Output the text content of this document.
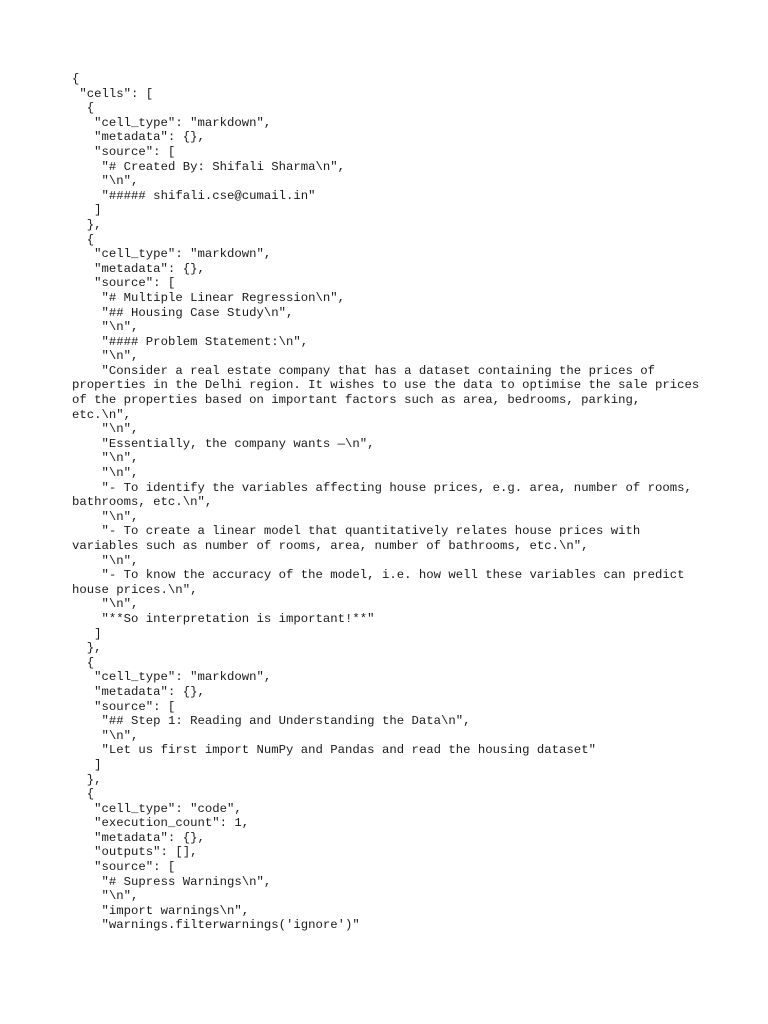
{
"cells": [
{
"cell_type": "markdown",
"metadata": {},
"source": [
"# Created By: Shifali Sharma\n",
"\n",
"##### shifali.cse@cumail.in"
]
},
{
"cell_type": "markdown",
"metadata": {},
"source": [
"# Multiple Linear Regression\n",
"## Housing Case Study\n",
"\n",
"#### Problem Statement:\n",
"\n",
"Consider a real estate company that has a dataset containing the prices of properties in the Delhi region. It wishes to use the data to optimise the sale prices of the properties based on important factors such as area, bedrooms, parking, etc.\n",
"\n",
"Essentially, the company wants —\n",
"\n",
"\n",
"- To identify the variables affecting house prices, e.g. area, number of rooms, bathrooms, etc.\n",
"\n",
"- To create a linear model that quantitatively relates house prices with variables such as number of rooms, area, number of bathrooms, etc.\n",
"\n",
"- To know the accuracy of the model, i.e. how well these variables can predict house prices.\n",
"\n",
"**So interpretation is important!**"
]
},
{
"cell_type": "markdown",
"metadata": {},
"source": [
"## Step 1: Reading and Understanding the Data\n",
"\n",
"Let us first import NumPy and Pandas and read the housing dataset"
]
},
{
"cell_type": "code",
"execution_count": 1,
"metadata": {},
"outputs": [],
"source": [
"# Supress Warnings\n",
"\n",
"import warnings\n",
"warnings.filterwarnings('ignore')"
